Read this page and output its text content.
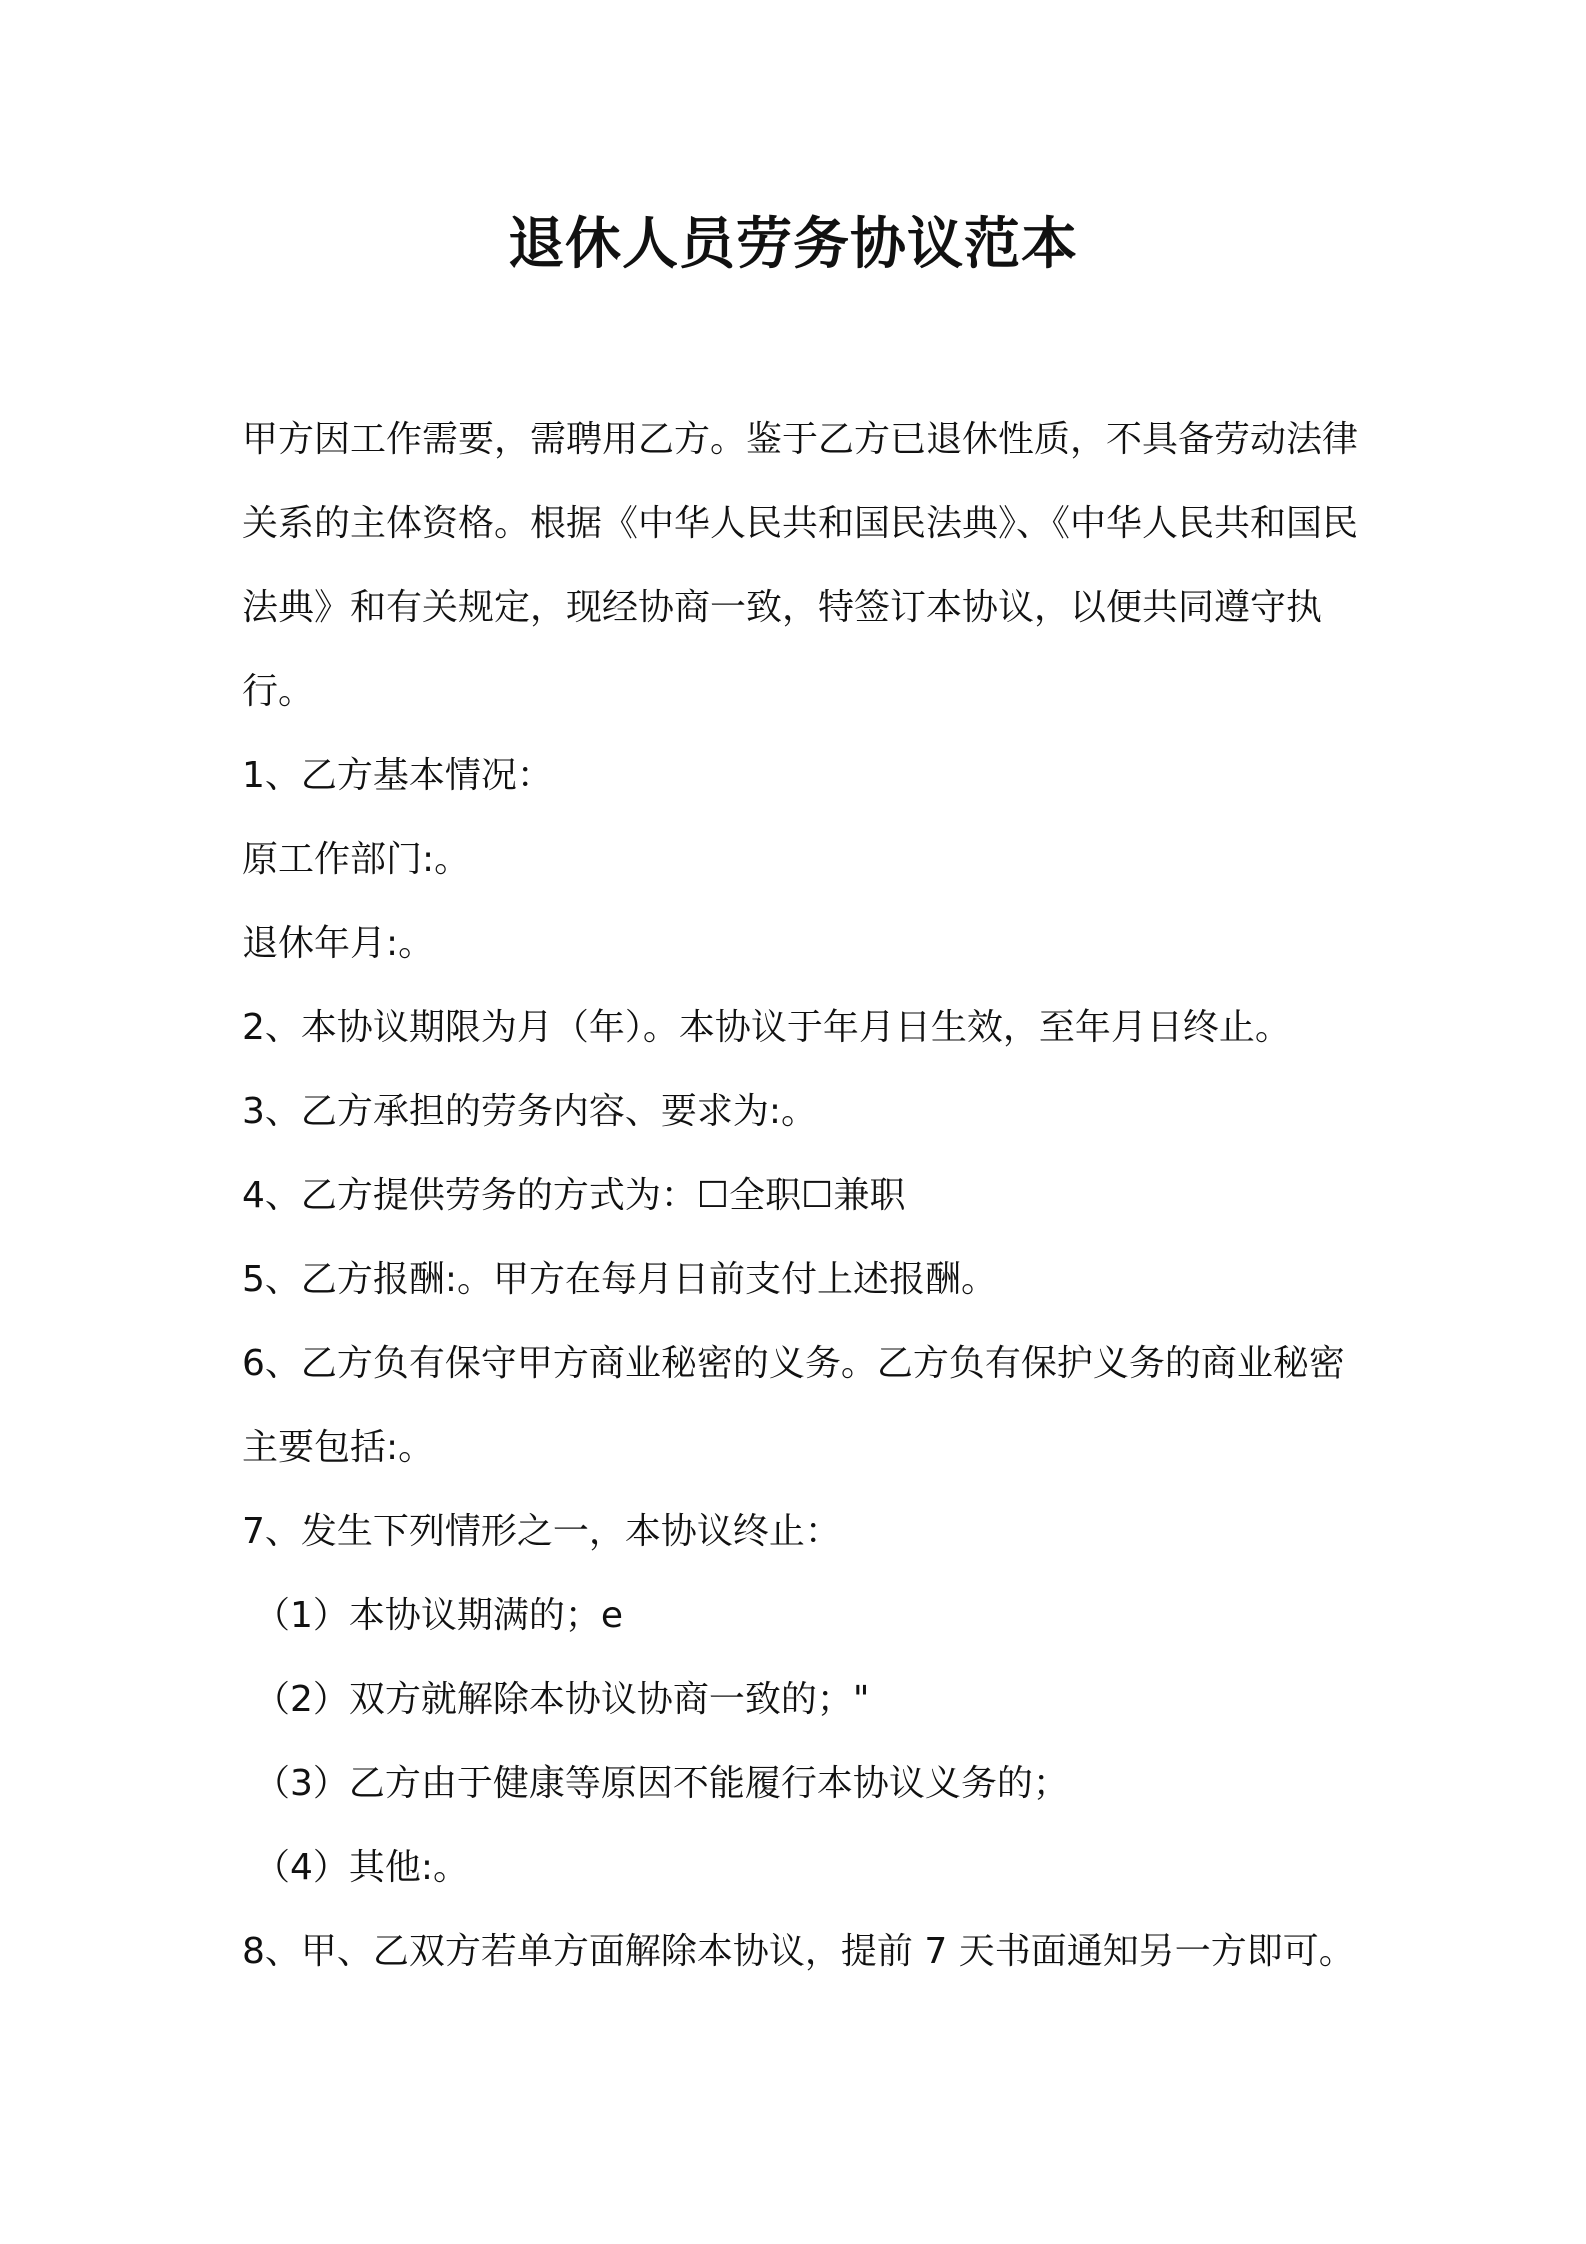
退休人员劳务协议范本

甲方因工作需要，需聘用乙方。鉴于乙方已退休性质，不具备劳动法律关系的主体资格。根据《中华人民共和国民法典》、《中华人民共和国民法典》和有关规定，现经协商一致，特签订本协议，以便共同遵守执行。

1、乙方基本情况：

原工作部门:。

退休年月:。

2、本协议期限为月（年）。本协议于年月日生效，至年月日终止。

3、乙方承担的劳务内容、要求为:。

4、乙方提供劳务的方式为：☐全职☐兼职

5、乙方报酬:。甲方在每月日前支付上述报酬。

6、乙方负有保守甲方商业秘密的义务。乙方负有保护义务的商业秘密主要包括:。

7、发生下列情形之一，本协议终止：

（1）本协议期满的；e

（2）双方就解除本协议协商一致的；"

（3）乙方由于健康等原因不能履行本协议义务的；

（4）其他:。

8、甲、乙双方若单方面解除本协议，提前 7 天书面通知另一方即可。
